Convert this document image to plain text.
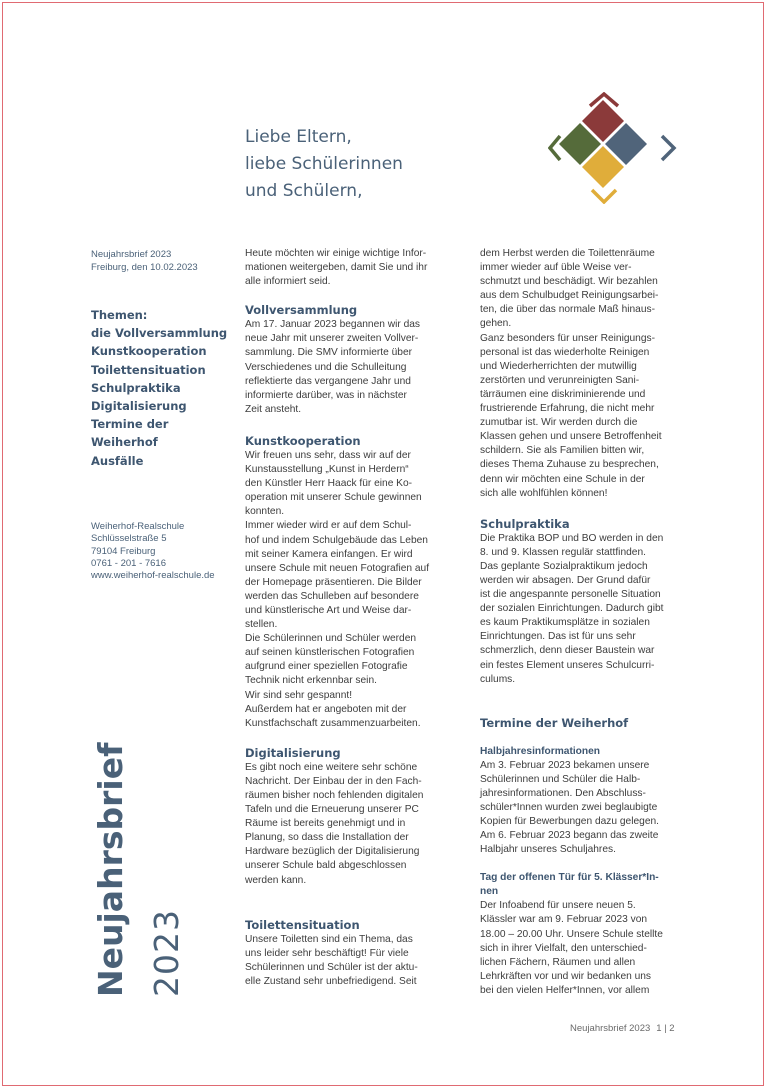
Liebe Eltern,
liebe Schülerinnen
und Schülern,
Neujahrsbrief 2023
Freiburg, den 10.02.2023
Themen:
die Vollversammlung
Kunstkooperation
Toilettensituation
Schulpraktika
Digitalisierung
Termine der Weiherhof
Ausfälle
Weiherhof-Realschule
Schlüsselstraße 5
79104 Freiburg
0761 - 201 - 7616
www.weiherhof-realschule.de
Neujahrsbrief 2023

Heute möchten wir einige wichtige Infor-
mationen weitergeben, damit Sie und ihr
alle informiert seid.

Vollversammlung

Am 17. Januar 2023 begannen wir das
neue Jahr mit unserer zweiten Vollver-
sammlung. Die SMV informierte über
Verschiedenes und die Schulleitung
reflektierte das vergangene Jahr und
informierte darüber, was in nächster
Zeit ansteht.

Kunstkooperation

Wir freuen uns sehr, dass wir auf der
Kunstausstellung „Kunst in Herdern“
den Künstler Herr Haack für eine Ko-
operation mit unserer Schule gewinnen
konnten.
Immer wieder wird er auf dem Schul-
hof und indem Schulgebäude das Leben
mit seiner Kamera einfangen. Er wird
unsere Schule mit neuen Fotografien auf
der Homepage präsentieren. Die Bilder
werden das Schulleben auf besondere
und künstlerische Art und Weise dar-
stellen.
Die Schülerinnen und Schüler werden
auf seinen künstlerischen Fotografien
aufgrund einer speziellen Fotografie
Technik nicht erkennbar sein.
Wir sind sehr gespannt!
Außerdem hat er angeboten mit der
Kunstfachschaft zusammenzuarbeiten.

Digitalisierung

Es gibt noch eine weitere sehr schöne
Nachricht. Der Einbau der in den Fach-
räumen bisher noch fehlenden digitalen
Tafeln und die Erneuerung unserer PC
Räume ist bereits genehmigt und in
Planung, so dass die Installation der
Hardware bezüglich der Digitalisierung
unserer Schule bald abgeschlossen
werden kann.

Toilettensituation

Unsere Toiletten sind ein Thema, das
uns leider sehr beschäftigt! Für viele
Schülerinnen und Schüler ist der aktu-
elle Zustand sehr unbefriedigend. Seit

dem Herbst werden die Toilettenräume
immer wieder auf üble Weise ver-
schmutzt und beschädigt. Wir bezahlen
aus dem Schulbudget Reinigungsarbei-
ten, die über das normale Maß hinaus-
gehen.
Ganz besonders für unser Reinigungs-
personal ist das wiederholte Reinigen
und Wiederherrichten der mutwillig
zerstörten und verunreinigten Sani-
tärräumen eine diskriminierende und
frustrierende Erfahrung, die nicht mehr
zumutbar ist. Wir werden durch die
Klassen gehen und unsere Betroffenheit
schildern. Sie als Familien bitten wir,
dieses Thema Zuhause zu besprechen,
denn wir möchten eine Schule in der
sich alle wohlfühlen können!

Schulpraktika

Die Praktika BOP und BO werden in den
8. und 9. Klassen regulär stattfinden.
Das geplante Sozialpraktikum jedoch
werden wir absagen. Der Grund dafür
ist die angespannte personelle Situation
der sozialen Einrichtungen. Dadurch gibt
es kaum Praktikumsplätze in sozialen
Einrichtungen. Das ist für uns sehr
schmerzlich, denn dieser Baustein war
ein festes Element unseres Schulcurri-
culums.

Termine der Weiherhof
Halbjahresinformationen

Am 3. Februar 2023 bekamen unsere
Schülerinnen und Schüler die Halb-
jahresinformationen. Den Abschluss-
schüler*Innen wurden zwei beglaubigte
Kopien für Bewerbungen dazu gelegen.
Am 6. Februar 2023 begann das zweite
Halbjahr unseres Schuljahres.

Tag der offenen Tür für 5. Klässer*In-
nen

Der Infoabend für unsere neuen 5.
Klässler war am 9. Februar 2023 von
18.00 – 20.00 Uhr. Unsere Schule stellte
sich in ihrer Vielfalt, den unterschied-
lichen Fächern, Räumen und allen
Lehrkräften vor und wir bedanken uns
bei den vielen Helfer*Innen, vor allem

Neujahrsbrief 2023 1 | 2
